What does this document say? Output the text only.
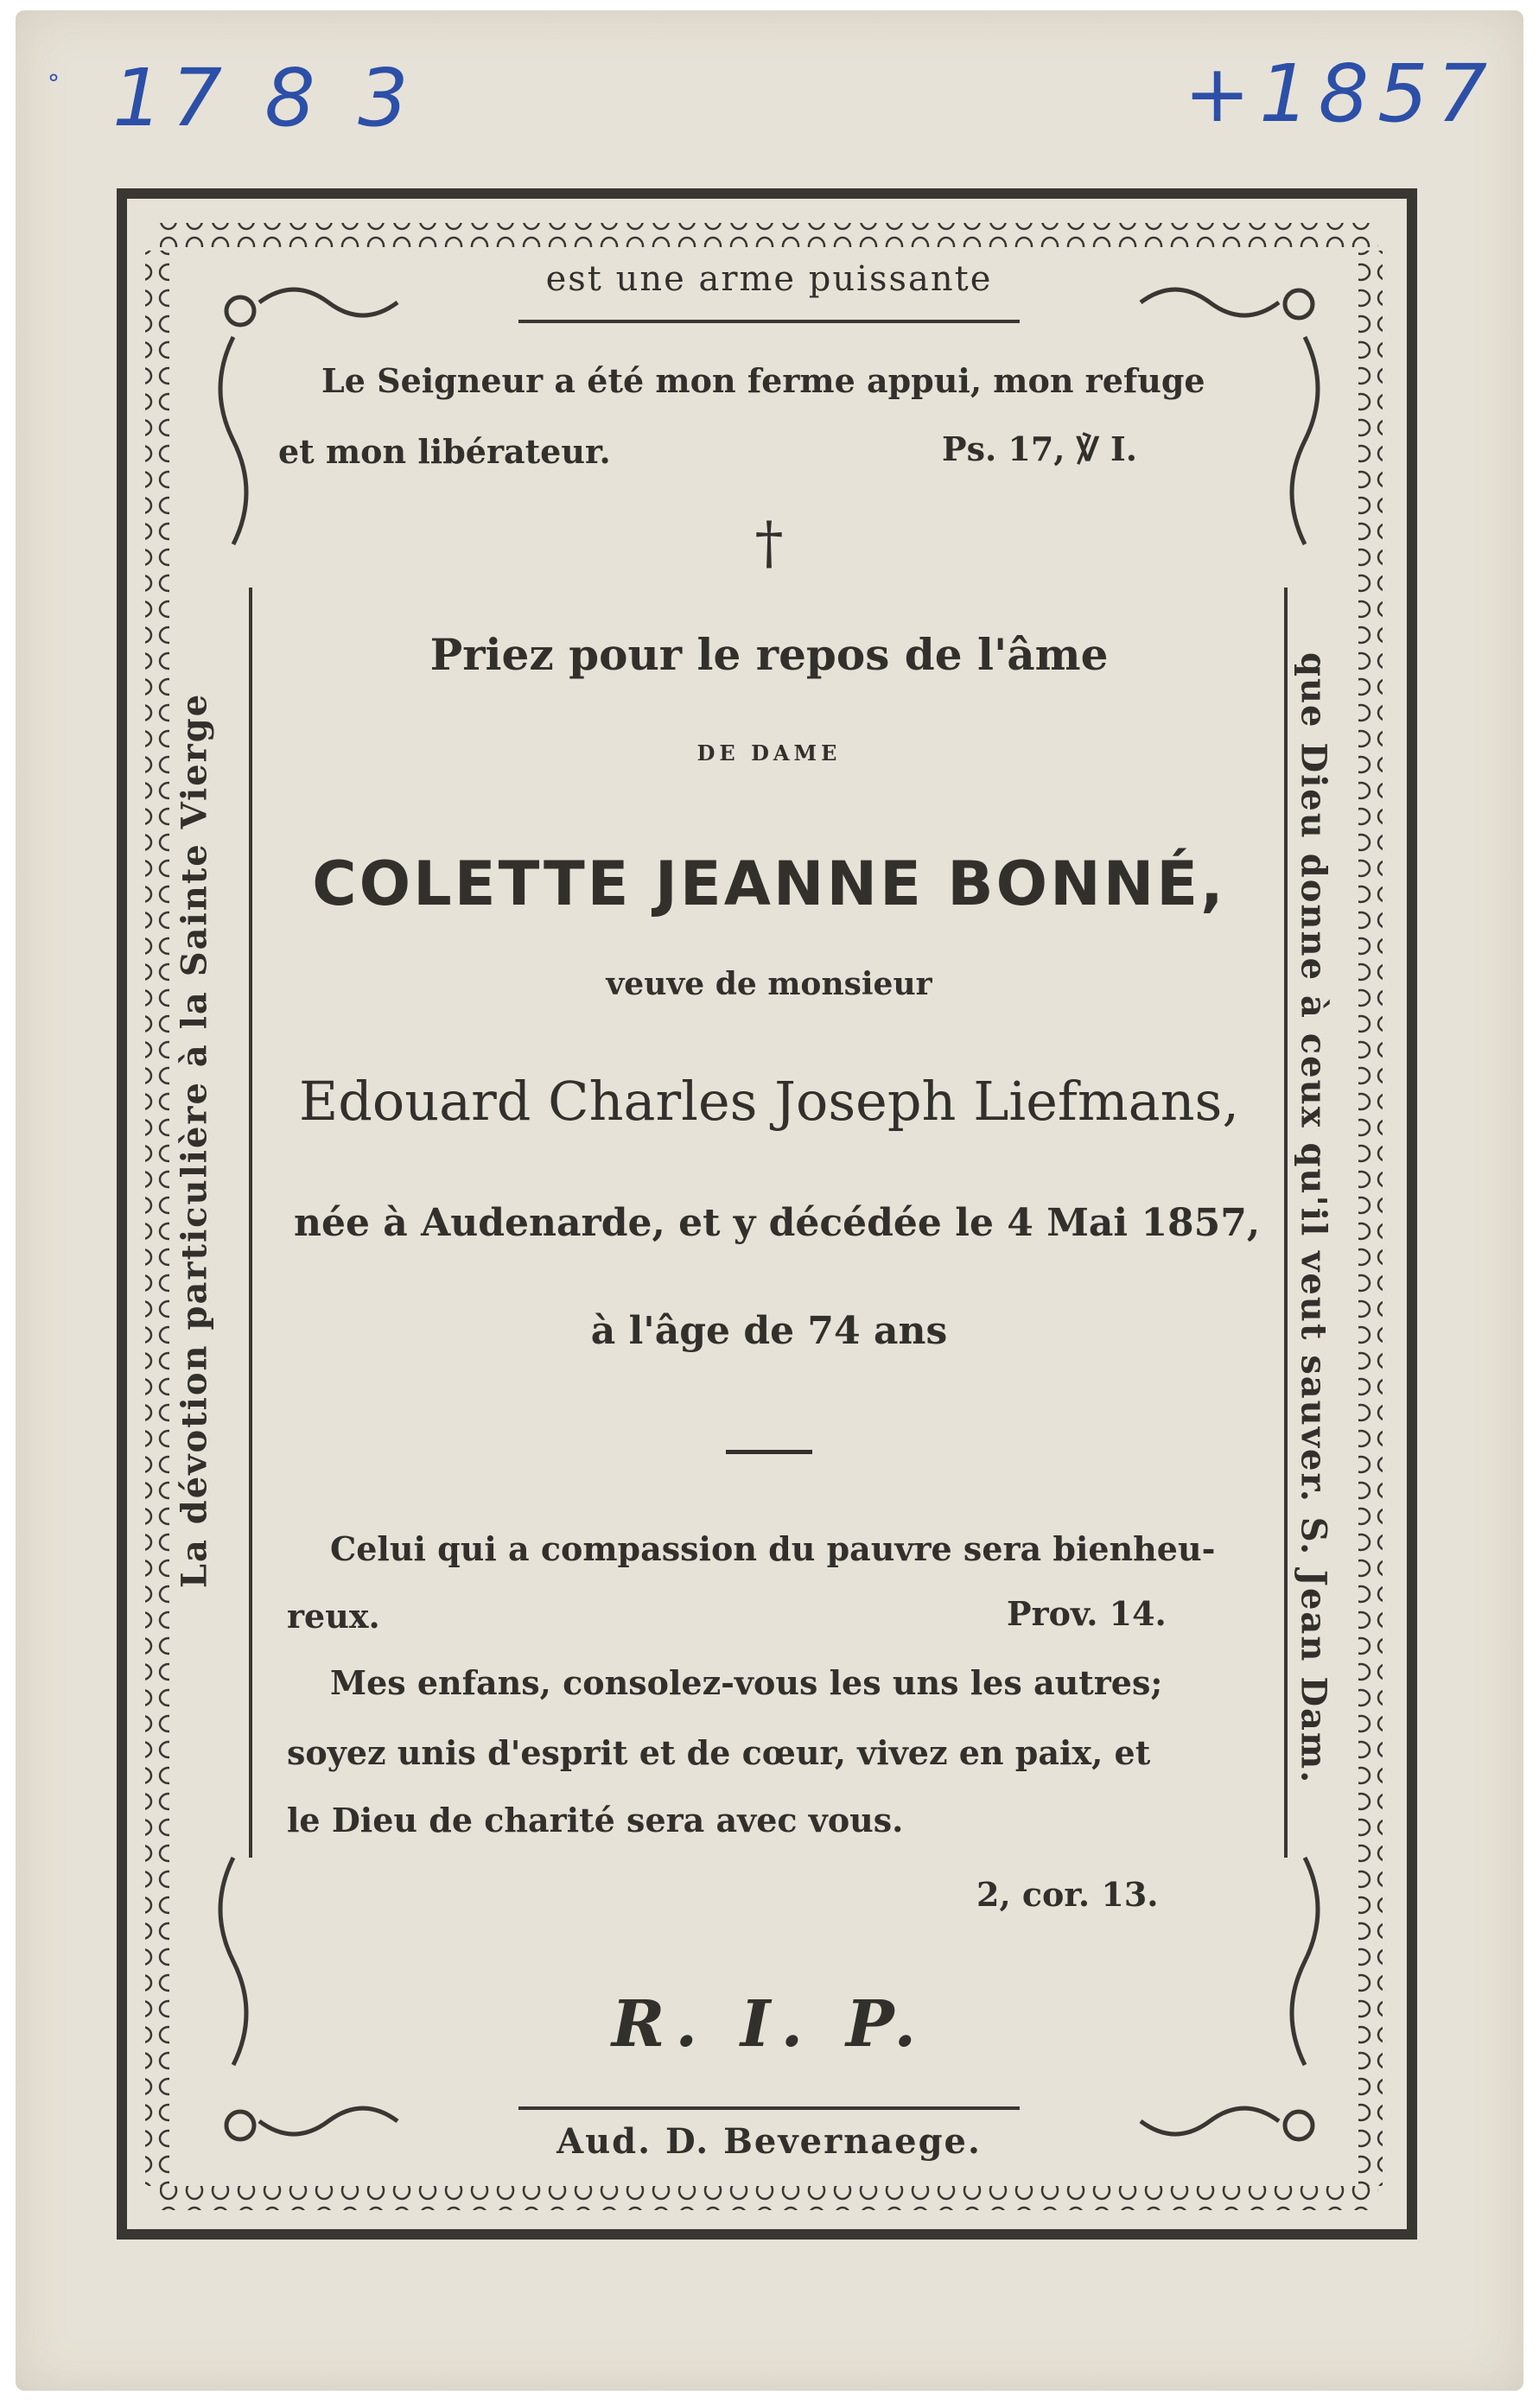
° 17 8 3	+1857
est une arme puissante
Aud. D. Bevernaege.
La dévotion particulière à la Sainte Vierge	que Dieu donne à ceux qu'il veut sauver. S. Jean Dam.
Le Seigneur a été mon ferme appui, mon refuge
et mon libérateur.	Ps. 17, ℣ I.
†
Priez pour le repos de l'âme
DE DAME
COLETTE JEANNE BONNÉ,
veuve de monsieur
Edouard Charles Joseph Liefmans,
née à Audenarde, et y décédée le 4 Mai 1857,
à l'âge de 74 ans
Celui qui a compassion du pauvre sera bienheu-
reux.	Prov. 14.
Mes enfans, consolez-vous les uns les autres;
soyez unis d'esprit et de cœur, vivez en paix, et
le Dieu de charité sera avec vous.
2, cor. 13.
R. I. P.
